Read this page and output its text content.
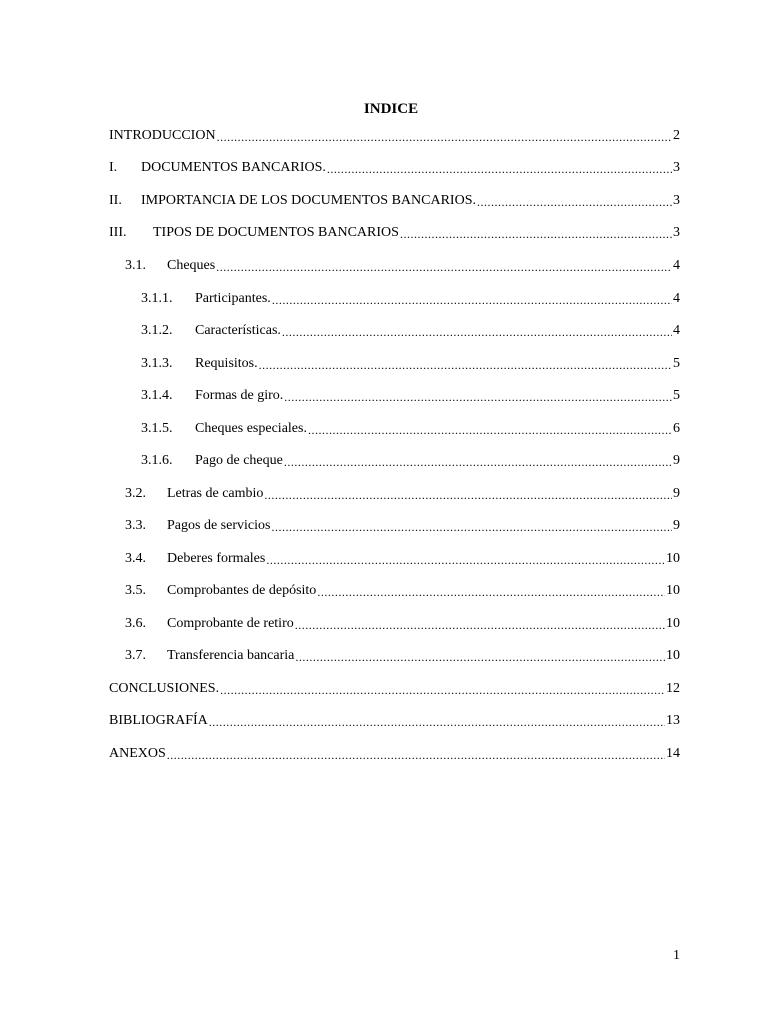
INDICE
INTRODUCCION .....	2
I.	DOCUMENTOS BANCARIOS. .....	3
II.	IMPORTANCIA DE LOS DOCUMENTOS BANCARIOS. .....	3
III.	TIPOS DE DOCUMENTOS BANCARIOS .....	3
3.1.	Cheques .....	4
3.1.1.	Participantes. .....	4
3.1.2.	Características. .....	4
3.1.3.	Requisitos. .....	5
3.1.4.	Formas de giro. .....	5
3.1.5.	Cheques especiales. .....	6
3.1.6.	Pago de cheque .....	9
3.2.	Letras de cambio .....	9
3.3.	Pagos de servicios .....	9
3.4.	Deberes formales .....	10
3.5.	Comprobantes de depósito .....	10
3.6.	Comprobante de retiro .....	10
3.7.	Transferencia bancaria .....	10
CONCLUSIONES. .....	12
BIBLIOGRAFÍA .....	13
ANEXOS .....	14
1
